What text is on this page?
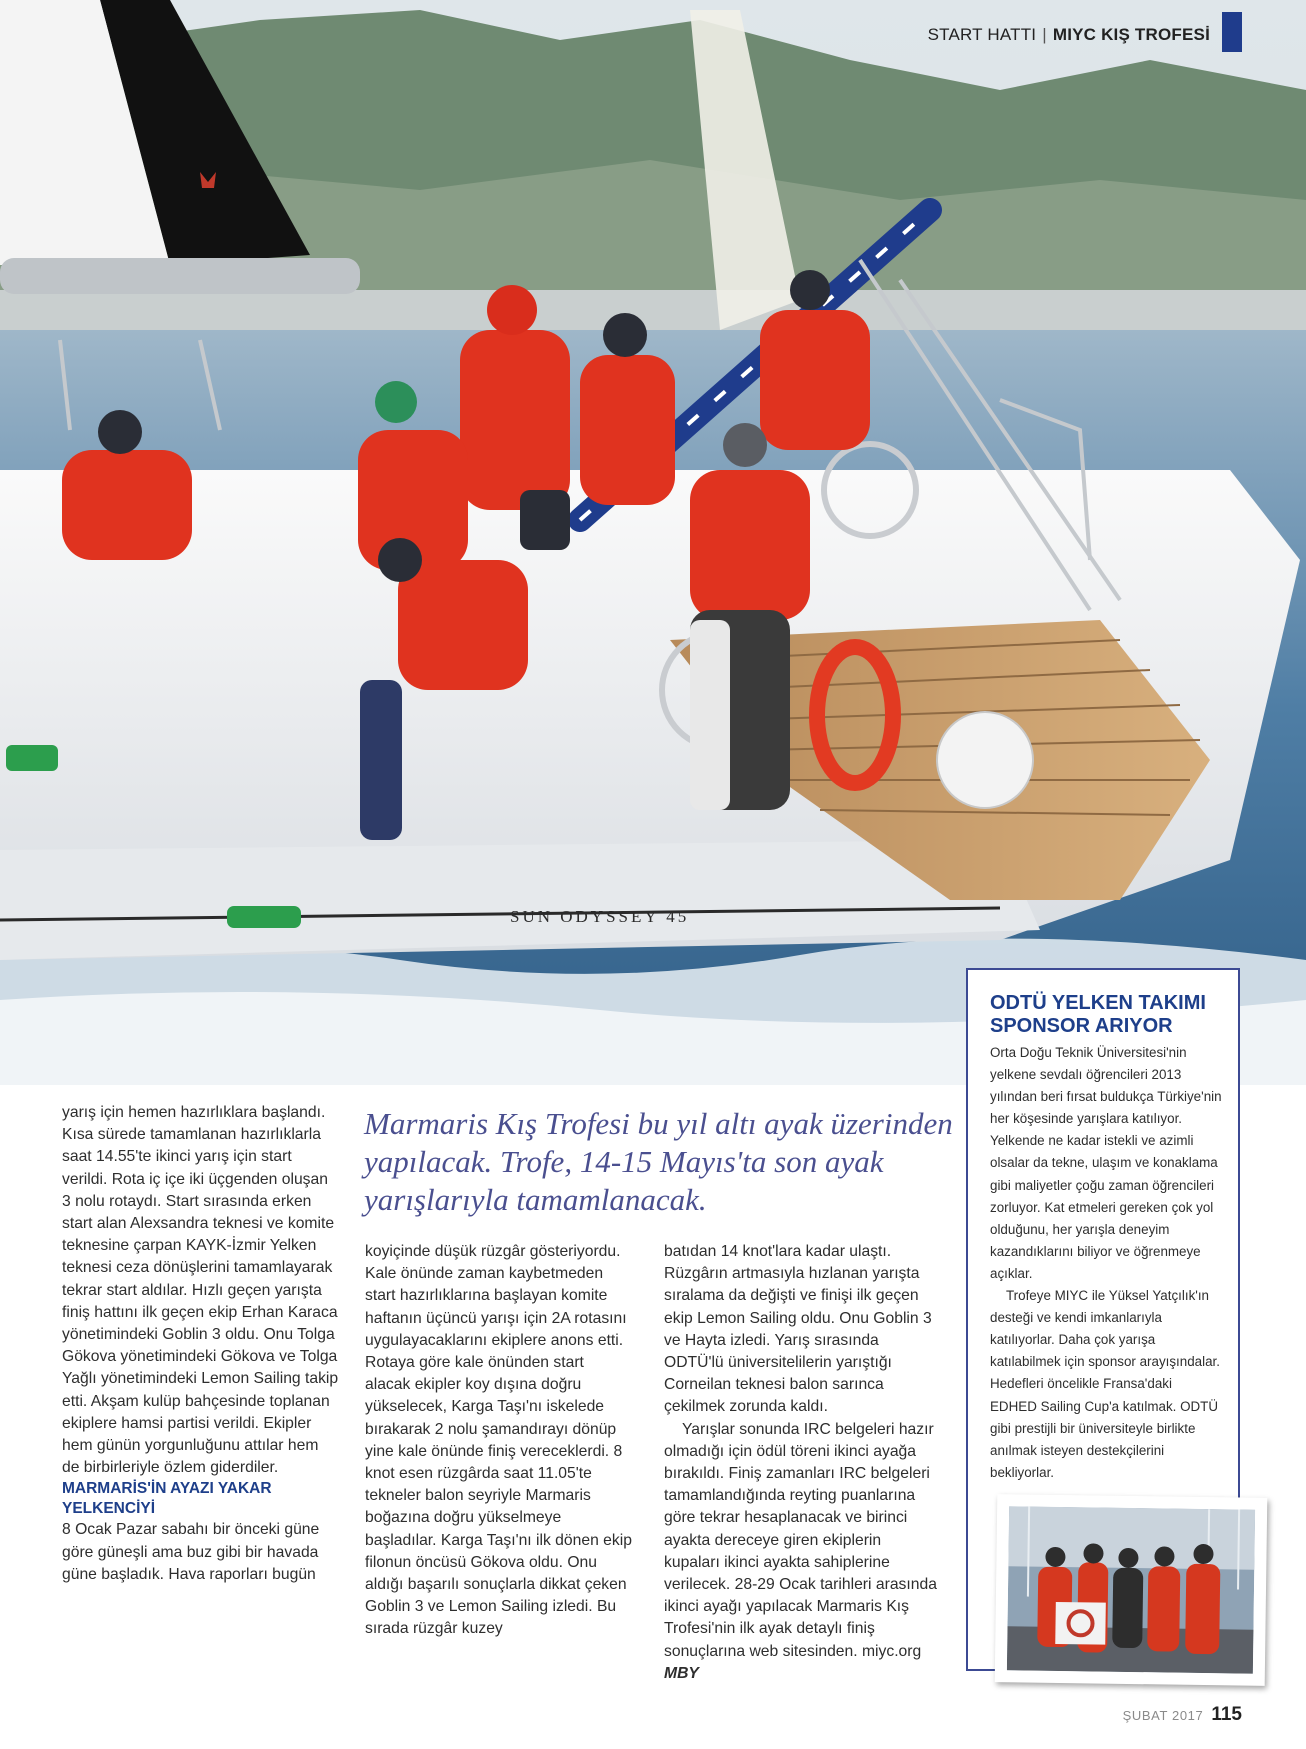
SUN ODYSSEY 45
START HATTI | MIYC KIŞ TROFESİ

yarış için hemen hazırlıklara başlandı. Kısa sürede tamamlanan hazırlıklarla saat 14.55'te ikinci yarış için start verildi. Rota iç içe iki üçgenden oluşan 3 nolu rotaydı. Start sırasında erken start alan Alexsandra teknesi ve komite teknesine çarpan KAYK-İzmir Yelken teknesi ceza dönüşlerini tamamlayarak tekrar start aldılar. Hızlı geçen yarışta finiş hattını ilk geçen ekip Erhan Karaca yönetimindeki Goblin 3 oldu. Onu Tolga Gökova yönetimindeki Gökova ve Tolga Yağlı yönetimindeki Lemon Sailing takip etti. Akşam kulüp bahçesinde toplanan ekiplere hamsi partisi verildi. Ekipler hem günün yorgunluğunu attılar hem de birbirleriyle özlem giderdiler.

MARMARİS'İN AYAZI YAKAR YELKENCİYİ

8 Ocak Pazar sabahı bir önceki güne göre güneşli ama buz gibi bir havada güne başladık. Hava raporları bugün

Marmaris Kış Trofesi bu yıl altı ayak üzerinden yapılacak. Trofe, 14-15 Mayıs'ta son ayak yarışlarıyla tamamlanacak.

koyiçinde düşük rüzgâr gösteriyordu. Kale önünde zaman kaybetmeden start hazırlıklarına başlayan komite haftanın üçüncü yarışı için 2A rotasını uygulayacaklarını ekiplere anons etti. Rotaya göre kale önünden start alacak ekipler koy dışına doğru yükselecek, Karga Taşı'nı iskelede bırakarak 2 nolu şamandırayı dönüp yine kale önünde finiş vereceklerdi. 8 knot esen rüzgârda saat 11.05'te tekneler balon seyriyle Marmaris boğazına doğru yükselmeye başladılar. Karga Taşı'nı ilk dönen ekip filonun öncüsü Gökova oldu. Onu aldığı başarılı sonuçlarla dikkat çeken Goblin 3 ve Lemon Sailing izledi. Bu sırada rüzgâr kuzey

batıdan 14 knot'lara kadar ulaştı. Rüzgârın artmasıyla hızlanan yarışta sıralama da değişti ve finişi ilk geçen ekip Lemon Sailing oldu. Onu Goblin 3 ve Hayta izledi. Yarış sırasında ODTÜ'lü üniversitelilerin yarıştığı Corneilan teknesi balon sarınca çekilmek zorunda kaldı.

Yarışlar sonunda IRC belgeleri hazır olmadığı için ödül töreni ikinci ayağa bırakıldı. Finiş zamanları IRC belgeleri tamamlandığında reyting puanlarına göre tekrar hesaplanacak ve birinci ayakta dereceye giren ekiplerin kupaları ikinci ayakta sahiplerine verilecek. 28-29 Ocak tarihleri arasında ikinci ayağı yapılacak Marmaris Kış Trofesi'nin ilk ayak detaylı finiş sonuçlarına web sitesinden. miyc.org MBY

ODTÜ YELKEN TAKIMI SPONSOR ARIYOR

Orta Doğu Teknik Üniversitesi'nin yelkene sevdalı öğrencileri 2013 yılından beri fırsat buldukça Türkiye'nin her köşesinde yarışlara katılıyor. Yelkende ne kadar istekli ve azimli olsalar da tekne, ulaşım ve konaklama gibi maliyetler çoğu zaman öğrencileri zorluyor. Kat etmeleri gereken çok yol olduğunu, her yarışla deneyim kazandıklarını biliyor ve öğrenmeye açıklar.

Trofeye MIYC ile Yüksel Yatçılık'ın desteği ve kendi imkanlarıyla katılıyorlar. Daha çok yarışa katılabilmek için sponsor arayışındalar. Hedefleri öncelikle Fransa'daki EDHED Sailing Cup'a katılmak. ODTÜ gibi prestijli bir üniversiteyle birlikte anılmak isteyen destekçilerini bekliyorlar.

ŞUBAT 2017 115
